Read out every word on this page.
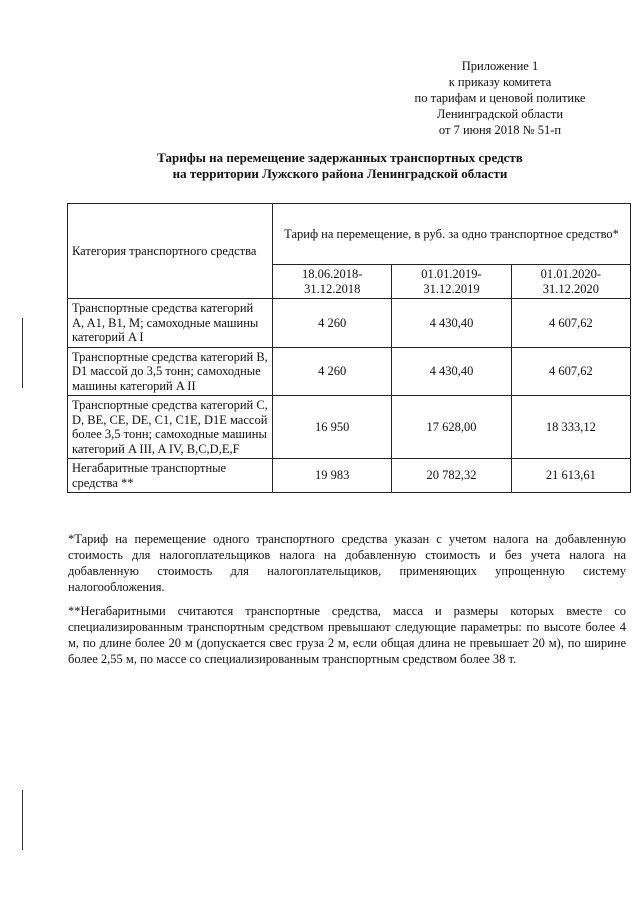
Приложение 1
к приказу комитета
по тарифам и ценовой политике
Ленинградской области
от 7 июня 2018 № 51-п
Тарифы на перемещение задержанных транспортных средств
на территории Лужского района Ленинградской области
Категория транспортного средства	Тариф на перемещение, в руб. за одно транспортное средство*		
	18.06.2018-31.12.2018	01.01.2019-31.12.2019	01.01.2020-31.12.2020
Транспортные средства категорий A, A1, B1, M; самоходные машины категорий A I	4 260	4 430,40	4 607,62
Транспортные средства категорий B, D1 массой до 3,5 тонн; самоходные машины категорий A II	4 260	4 430,40	4 607,62
Транспортные средства категорий C, D, BE, CE, DE, C1, C1E, D1E массой более 3,5 тонн; самоходные машины категорий A III, A IV, B,C,D,E,F	16 950	17 628,00	18 333,12
Негабаритные транспортные средства **	19 983	20 782,32	21 613,61

*Тариф на перемещение одного транспортного средства указан с учетом налога на добавленную стоимость для налогоплательщиков налога на добавленную стоимость и без учета налога на добавленную стоимость для налогоплательщиков, применяющих упрощенную систему налогообложения.

**Негабаритными считаются транспортные средства, масса и размеры которых вместе со специализированным транспортным средством превышают следующие параметры: по высоте более 4 м, по длине более 20 м (допускается свес груза 2 м, если общая длина не превышает 20 м), по ширине более 2,55 м, по массе со специализированным транспортным средством более 38 т.
